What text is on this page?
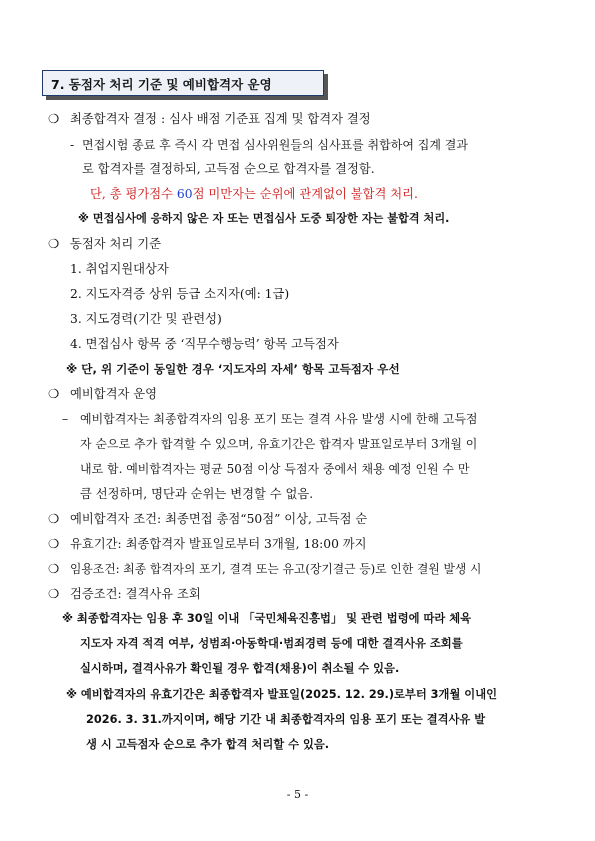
7. 동점자 처리 기준 및 예비합격자 운영
❍ 최종합격자 결정 : 심사 배점 기준표 집계 및 합격자 결정
- 면접시험 종료 후 즉시 각 면접 심사위원들의 심사표를 취합하여 집계 결과
로 합격자를 결정하되, 고득점 순으로 합격자를 결정함.
단, 총 평가점수 60점 미만자는 순위에 관계없이 불합격 처리.
※ 면접심사에 응하지 않은 자 또는 면접심사 도중 퇴장한 자는 불합격 처리.
❍ 동점자 처리 기준
1. 취업지원대상자
2. 지도자격증 상위 등급 소지자(예: 1급)
3. 지도경력(기간 및 관련성)
4. 면접심사 항목 중 ‘직무수행능력’ 항목 고득점자
※ 단, 위 기준이 동일한 경우 ‘지도자의 자세’ 항목 고득점자 우선
❍ 예비합격자 운영
– 예비합격자는 최종합격자의 임용 포기 또는 결격 사유 발생 시에 한해 고득점
자 순으로 추가 합격할 수 있으며, 유효기간은 합격자 발표일로부터 3개월 이
내로 함. 예비합격자는 평균 50점 이상 득점자 중에서 채용 예정 인원 수 만
큼 선정하며, 명단과 순위는 변경할 수 없음.
❍ 예비합격자 조건: 최종면접 총점“50점” 이상, 고득점 순
❍ 유효기간: 최종합격자 발표일로부터 3개월, 18:00 까지
❍ 임용조건: 최종 합격자의 포기, 결격 또는 유고(장기결근 등)로 인한 결원 발생 시
❍ 검증조건: 결격사유 조회
※ 최종합격자는 임용 후 30일 이내 「국민체육진흥법」 및 관련 법령에 따라 체육
지도자 자격 적격 여부, 성범죄·아동학대·범죄경력 등에 대한 결격사유 조회를
실시하며, 결격사유가 확인될 경우 합격(채용)이 취소될 수 있음.
※ 예비합격자의 유효기간은 최종합격자 발표일(2025. 12. 29.)로부터 3개월 이내인
2026. 3. 31.까지이며, 해당 기간 내 최종합격자의 임용 포기 또는 결격사유 발
생 시 고득점자 순으로 추가 합격 처리할 수 있음.
- 5 -
